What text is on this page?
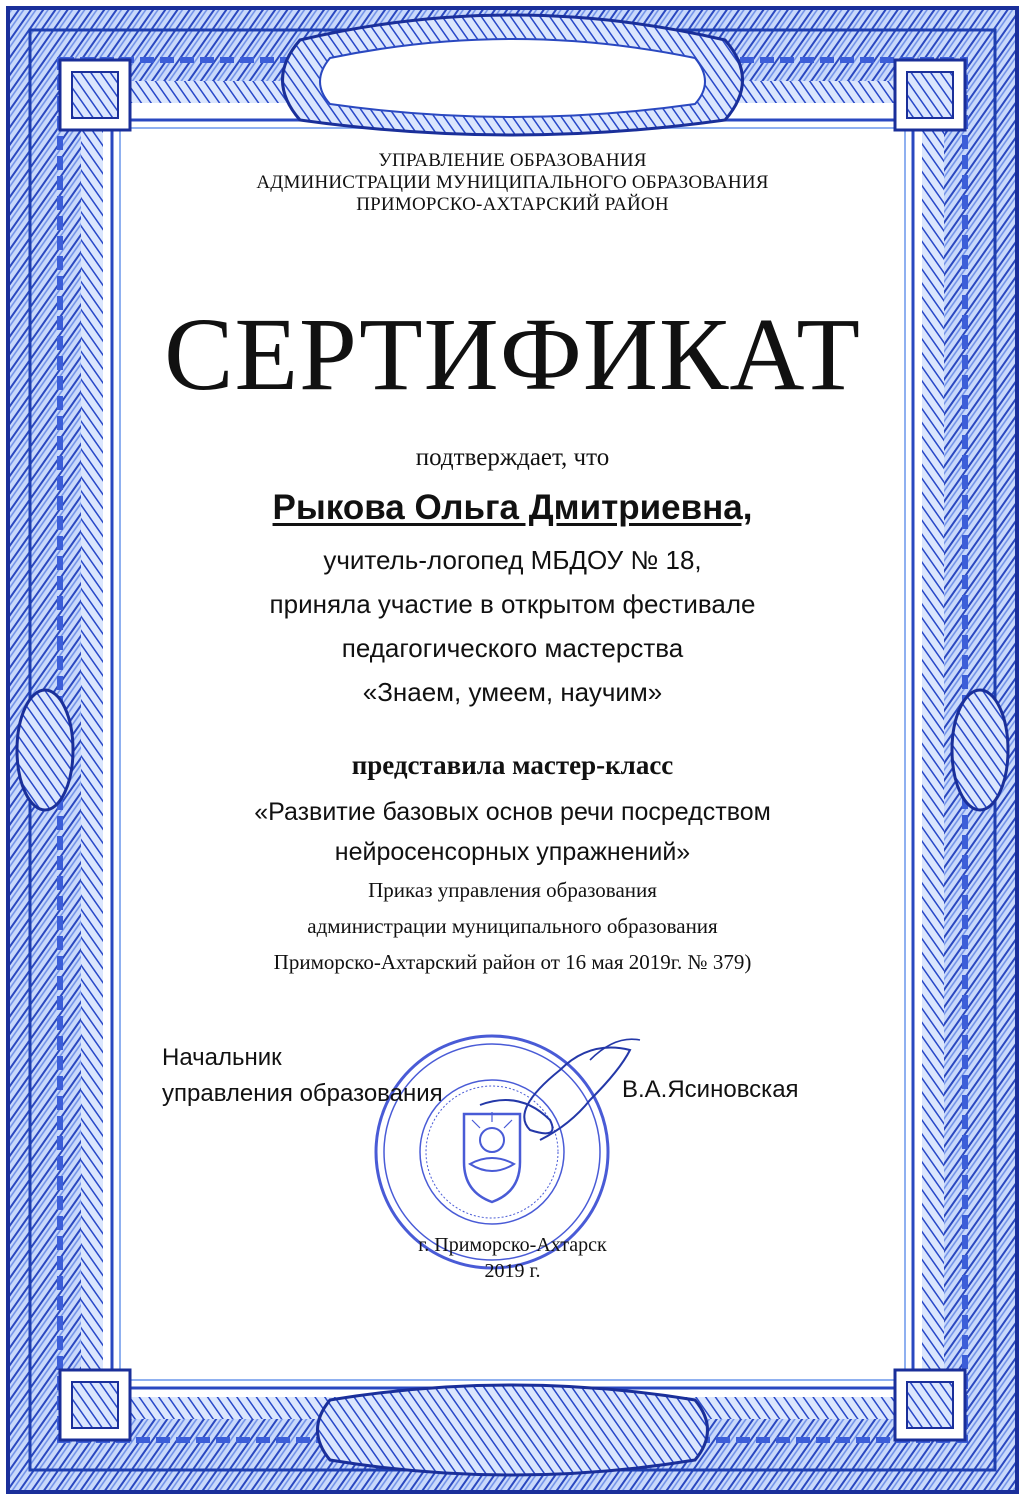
УПРАВЛЕНИЕ ОБРАЗОВАНИЯ
АДМИНИСТРАЦИИ МУНИЦИПАЛЬНОГО ОБРАЗОВАНИЯ
ПРИМОРСКО-АХТАРСКИЙ РАЙОН
СЕРТИФИКАТ
подтверждает, что
Рыкова Ольга Дмитриевна,
учитель-логопед МБДОУ № 18,
приняла участие в открытом фестивале
педагогического мастерства
«Знаем, умеем, научим»
представила мастер-класс
«Развитие базовых основ речи посредством
нейросенсорных упражнений»
Приказ управления образования
администрации муниципального образования
Приморско-Ахтарский район от 16 мая 2019г. № 379)
Начальник
управления образования	В.А.Ясиновская
г. Приморско-Ахтарск
2019 г.
